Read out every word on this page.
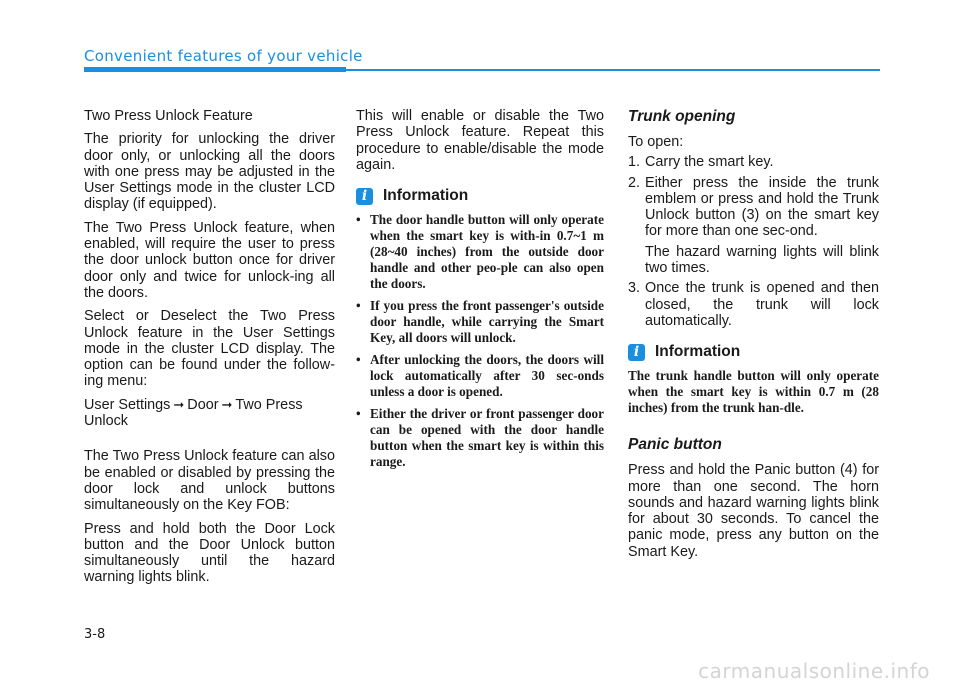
Convenient features of your vehicle

Two Press Unlock Feature

The priority for unlocking the driver door only, or unlocking all the doors with one press may be adjusted in the User Settings mode in the cluster LCD display (if equipped).

The Two Press Unlock feature, when enabled, will require the user to press the door unlock button once for driver door only and twice for unlock-ing all the doors.

Select or Deselect the Two Press Unlock feature in the User Settings mode in the cluster LCD display. The option can be found under the follow-ing menu:

User Settings ➞ Door ➞ Two Press Unlock

The Two Press Unlock feature can also be enabled or disabled by pressing the door lock and unlock buttons simultaneously on the Key FOB:

Press and hold both the Door Lock button and the Door Unlock button simultaneously until the hazard warning lights blink.

This will enable or disable the Two Press Unlock feature. Repeat this procedure to enable/disable the mode again.

i	Information
• The door handle button will only operate when the smart key is with-in 0.7~1 m (28~40 inches) from the outside door handle and other peo-ple can also open the doors.
• If you press the front passenger's outside door handle, while carrying the Smart Key, all doors will unlock.
• After unlocking the doors, the doors will lock automatically after 30 sec-onds unless a door is opened.
• Either the driver or front passenger door can be opened with the door handle button when the smart key is within this range.
Trunk opening

To open:

1. Carry the smart key.

2. Either press the inside the trunk emblem or press and hold the Trunk Unlock button (3) on the smart key for more than one sec-ond.

The hazard warning lights will blink two times.

3. Once the trunk is opened and then closed, the trunk will lock automatically.

i	Information

The trunk handle button will only operate when the smart key is within 0.7 m (28 inches) from the trunk han-dle.

Panic button

Press and hold the Panic button (4) for more than one second. The horn sounds and hazard warning lights blink for about 30 seconds. To cancel the panic mode, press any button on the Smart Key.

3-8
carmanualsonline.info
